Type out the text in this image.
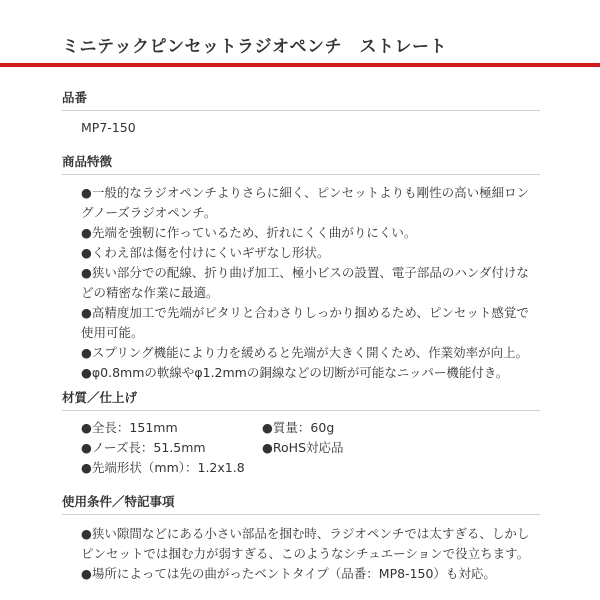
ミニテックピンセットラジオペンチ　ストレート
品番
MP7-150
商品特徴
●一般的なラジオペンチよりさらに細く、ピンセットよりも剛性の高い極細ロン
グノーズラジオペンチ。
●先端を強靭に作っているため、折れにくく曲がりにくい。
●くわえ部は傷を付けにくいギザなし形状。
●狭い部分での配線、折り曲げ加工、極小ビスの設置、電子部品のハンダ付けな
どの精密な作業に最適。
●高精度加工で先端がピタリと合わさりしっかり掴めるため、ピンセット感覚で
使用可能。
●スプリング機能により力を緩めると先端が大きく開くため、作業効率が向上。
●φ0.8mmの軟線やφ1.2mmの銅線などの切断が可能なニッパー機能付き。
材質／仕上げ
●全長：151mm	●質量：60g
●ノーズ長：51.5mm	●RoHS対応品
●先端形状（mm）：1.2x1.8
使用条件／特記事項
●狭い隙間などにある小さい部品を掴む時、ラジオペンチでは太すぎる、しかし
ピンセットでは掴む力が弱すぎる、このようなシチュエーションで役立ちます。
●場所によっては先の曲がったベントタイプ（品番：MP8-150）も対応。
